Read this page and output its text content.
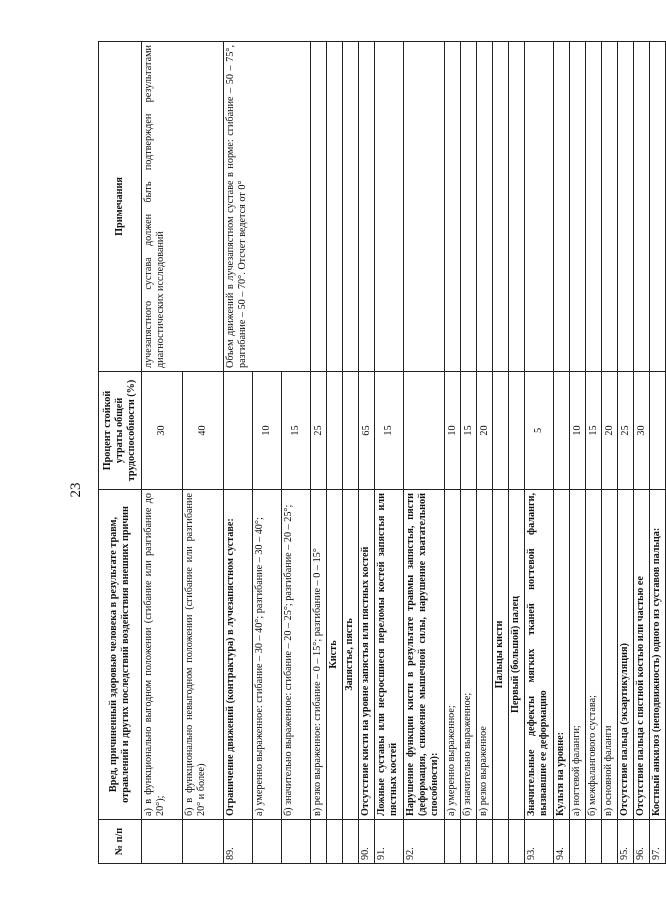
23
№ п/п	Вред, причиненный здоровью человека в результате травм, отравлений и других последствий воздействия внешних причин	Процент стойкой утраты общей трудоспособности (%)	Примечания
	а) в функционально выгодном положении (сгибание или разгибание до 20°);	30	лучезапястного сустава должен быть подтвержден результатами диагностических исследований
	б) в функционально невыгодном положении (сгибание или разгибание 20° и более)	40	
89.	Ограничение движений (контрактура) в лучезапястном суставе:		Объем движений в лучезапястном суставе в норме: сгибание – 50 – 75°, разгибание – 50 – 70°. Отсчет ведется от 0°
	а) умеренно выраженное: сгибание – 30 – 40°; разгибание – 30 – 40°;	10	
	б) значительно выраженное: сгибание – 20 – 25°; разгибание – 20 – 25°;	15	
	в) резко выраженное: сгибание – 0 – 15°; разгибание – 0 – 15°	25	
	Кисть		
	Запястье, пясть		
90.	Отсутствие кисти на уровне запястья или пястных костей	65	
91.	Ложные суставы или несросшиеся переломы костей запястья или пястных костей	15	
92.	Нарушение функции кисти в результате травмы запястья, пясти (деформация, снижение мышечной силы, нарушение хватательной способности):		
	а) умеренно выраженное;	10	
	б) значительно выраженное;	15	
	в) резко выраженное	20	
	Пальцы кисти		
	Первый (большой) палец		
93.	Значительные дефекты мягких тканей ногтевой фаланги, вызвавшие ее деформацию	5	
94.	Культя на уровне:		
	а) ногтевой фаланги;	10	
	б) межфалангового сустава;	15	
	в) основной фаланги	20	
95.	Отсутствие пальца (экзартикуляция)	25	
96.	Отсутствие пальца с пястной костью или частью ее	30	
97.	Костный анкилоз (неподвижность) одного из суставов пальца:		
